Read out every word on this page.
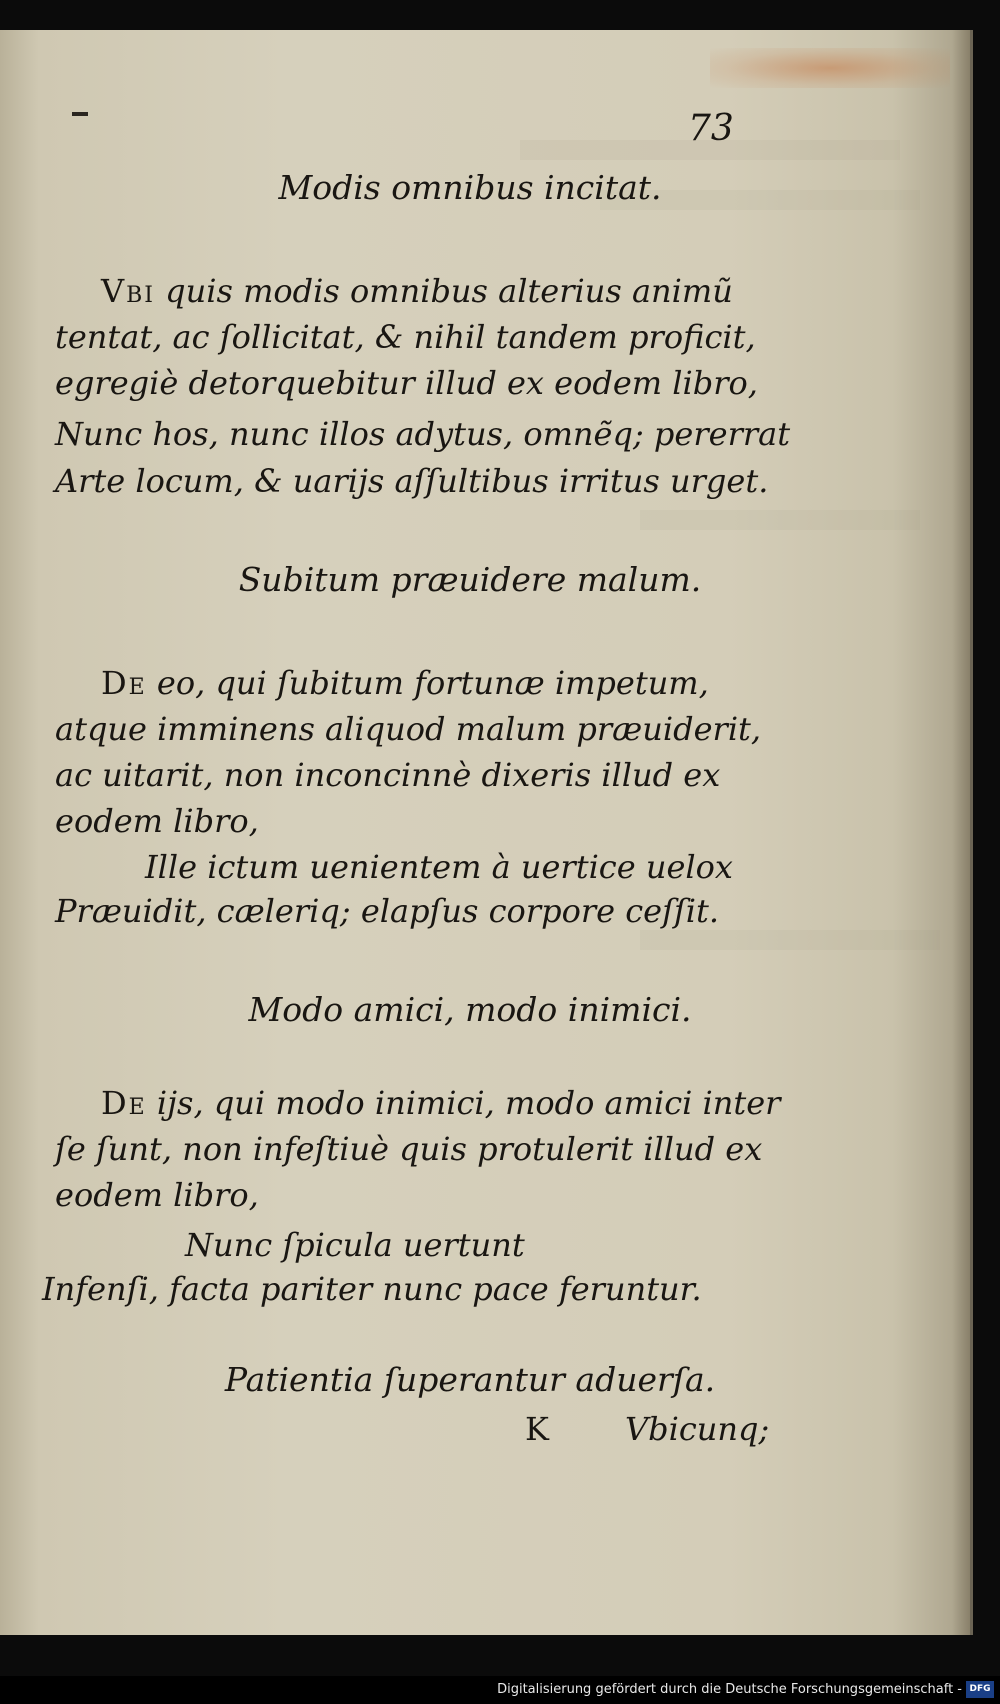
73
Modis omnibus incitat.

Vbi quis modis omnibus alterius animũ tentat, ac ſollicitat, & nihil tandem proficit, egregiè detorquebitur illud ex eodem libro,

Nunc hos, nunc illos adytus, omnẽq; pererrat
Arte locum, & uarijs aſſultibus irritus urget.
Subitum præuidere malum.

De eo, qui ſubitum fortunæ impetum, atque imminens aliquod malum præuiderit, ac uitarit, non inconcinnè dixeris illud ex eodem libro,

Ille ictum uenientem à uertice uelox
Præuidit, cæleriq; elapſus corpore ceſſit.
Modo amici, modo inimici.

De ijs, qui modo inimici, modo amici inter ſe ſunt, non infeſtiuè quis protulerit illud ex eodem libro,

Nunc ſpicula uertunt
Infenſi, facta pariter nunc pace feruntur.
Patientia ſuperantur aduerſa.
K Vbicunq;
Digitalisierung gefördert durch die Deutsche Forschungsgemeinschaft - DFG
